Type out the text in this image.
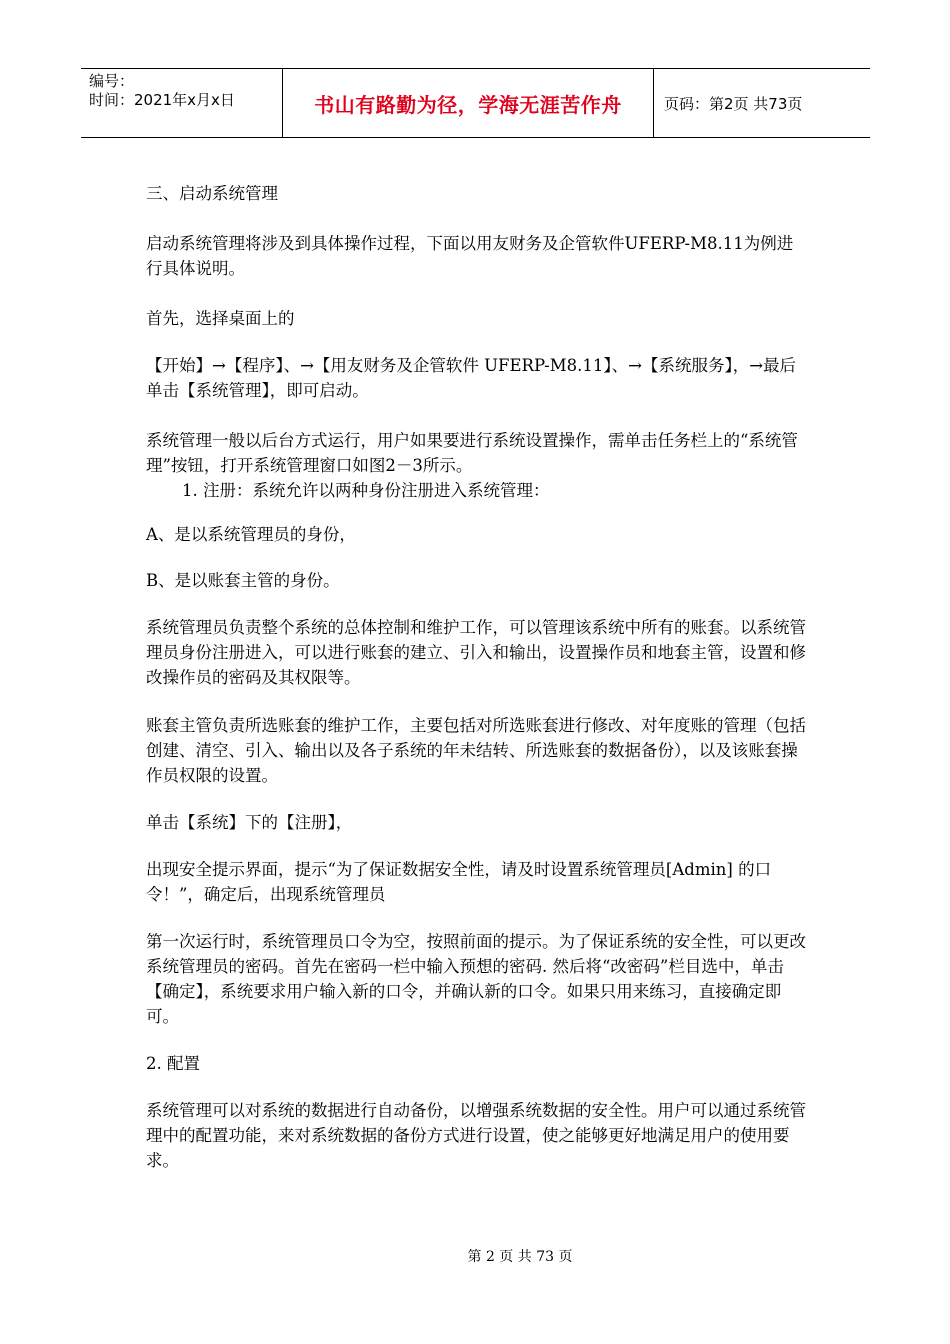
编号：
时间：2021年x月x日	书山有路勤为径，学海无涯苦作舟	页码：第2页 共73页

三、启动系统管理

启动系统管理将涉及到具体操作过程，下面以用友财务及企管软件UFERP-M8.11为例进行具体说明。

首先，选择桌面上的

【开始】→【程序】、→【用友财务及企管软件 UFERP-M8.11】、→【系统服务】，→最后单击【系统管理】，即可启动。

系统管理一般以后台方式运行，用户如果要进行系统设置操作，需单击任务栏上的“系统管理”按钮，打开系统管理窗口如图2－3所示。

1. 注册：系统允许以两种身份注册进入系统管理：

A、是以系统管理员的身份，

B、是以账套主管的身份。

系统管理员负责整个系统的总体控制和维护工作，可以管理该系统中所有的账套。以系统管理员身份注册进入，可以进行账套的建立、引入和输出，设置操作员和地套主管，设置和修改操作员的密码及其权限等。

账套主管负责所选账套的维护工作，主要包括对所选账套进行修改、对年度账的管理（包括创建、清空、引入、输出以及各子系统的年未结转、所选账套的数据备份），以及该账套操作员权限的设置。

单击【系统】下的【注册】，

出现安全提示界面，提示“为了保证数据安全性，请及时设置系统管理员[Admin] 的口令！”，确定后，出现系统管理员

第一次运行时，系统管理员口令为空，按照前面的提示。为了保证系统的安全性，可以更改系统管理员的密码。首先在密码一栏中输入预想的密码. 然后将“改密码”栏目选中，单击【确定】，系统要求用户输入新的口令，并确认新的口令。如果只用来练习，直接确定即可。

2. 配置

系统管理可以对系统的数据进行自动备份，以增强系统数据的安全性。用户可以通过系统管理中的配置功能，来对系统数据的备份方式进行设置，使之能够更好地满足用户的使用要求。

第 2 页 共 73 页
